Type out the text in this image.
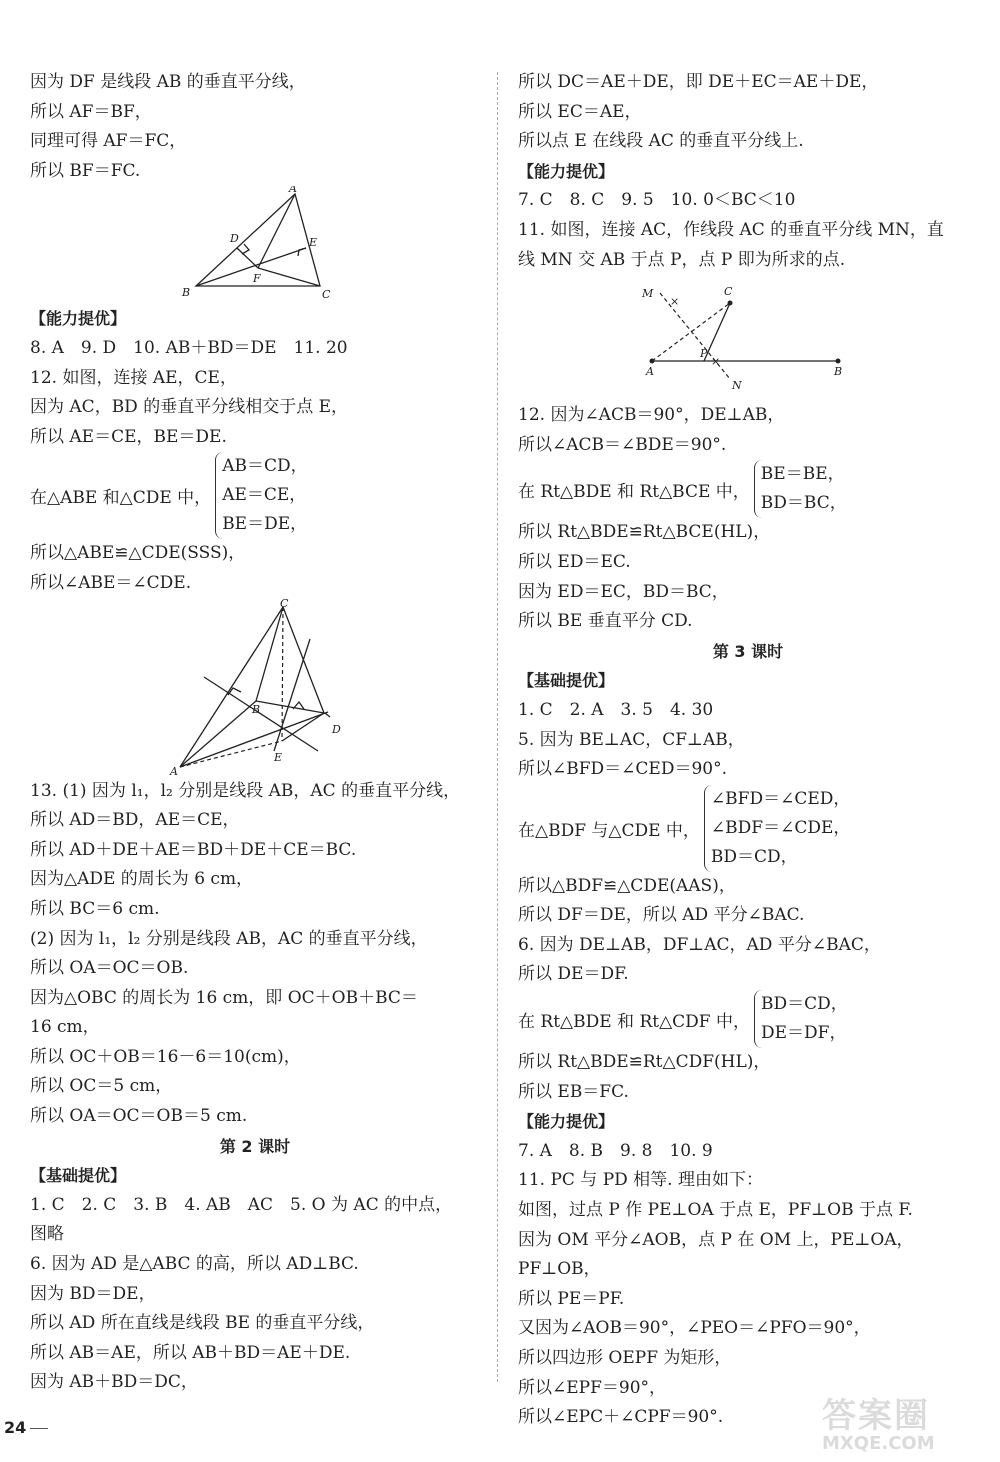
因为 DF 是线段 AB 的垂直平分线，
所以 AF＝BF，
同理可得 AF＝FC，
所以 BF＝FC.
A
B	C
D	E
F
【能力提优】
8. A　9. D　10. AB＋BD＝DE　11. 20
12. 如图，连接 AE，CE，
因为 AC，BD 的垂直平分线相交于点 E，
所以 AE＝CE，BE＝DE.
在△ABE 和△CDE 中，
AB＝CD，
AE＝CE，
BE＝DE，
所以△ABE≌△CDE(SSS)，
所以∠ABE＝∠CDE.
C
A
B
D
E
13. (1) 因为 l₁，l₂ 分别是线段 AB，AC 的垂直平分线，
所以 AD＝BD，AE＝CE，
所以 AD＋DE＋AE＝BD＋DE＋CE＝BC.
因为△ADE 的周长为 6 cm，
所以 BC＝6 cm.
(2) 因为 l₁，l₂ 分别是线段 AB，AC 的垂直平分线，
所以 OA＝OC＝OB.
因为△OBC 的周长为 16 cm，即 OC＋OB＋BC＝
16 cm，
所以 OC＋OB＝16－6＝10(cm)，
所以 OC＝5 cm，
所以 OA＝OC＝OB＝5 cm.
第 2 课时
【基础提优】
1. C　2. C　3. B　4. AB　AC　5. O 为 AC 的中点，
图略
6. 因为 AD 是△ABC 的高，所以 AD⊥BC.
因为 BD＝DE，
所以 AD 所在直线是线段 BE 的垂直平分线，
所以 AB＝AE，所以 AB＋BD＝AE＋DE.
因为 AB＋BD＝DC，
所以 DC＝AE＋DE，即 DE＋EC＝AE＋DE，
所以 EC＝AE，
所以点 E 在线段 AC 的垂直平分线上.
【能力提优】
7. C　8. C　9. 5　10. 0＜BC＜10
11. 如图，连接 AC，作线段 AC 的垂直平分线 MN，直
线 MN 交 AB 于点 P，点 P 即为所求的点.
×
×
M	C
A
P
N
B
12. 因为∠ACB＝90°，DE⊥AB，
所以∠ACB＝∠BDE＝90°.
在 Rt△BDE 和 Rt△BCE 中，
BE＝BE，
BD＝BC，
所以 Rt△BDE≌Rt△BCE(HL)，
所以 ED＝EC.
因为 ED＝EC，BD＝BC，
所以 BE 垂直平分 CD.
第 3 课时
【基础提优】
1. C　2. A　3. 5　4. 30
5. 因为 BE⊥AC，CF⊥AB，
所以∠BFD＝∠CED＝90°.
在△BDF 与△CDE 中，
∠BFD＝∠CED，
∠BDF＝∠CDE，
BD＝CD，
所以△BDF≌△CDE(AAS)，
所以 DF＝DE，所以 AD 平分∠BAC.
6. 因为 DE⊥AB，DF⊥AC，AD 平分∠BAC，
所以 DE＝DF.
在 Rt△BDE 和 Rt△CDF 中，
BD＝CD，
DE＝DF，
所以 Rt△BDE≌Rt△CDF(HL)，
所以 EB＝FC.
【能力提优】
7. A　8. B　9. 8　10. 9
11. PC 与 PD 相等. 理由如下：
如图，过点 P 作 PE⊥OA 于点 E，PF⊥OB 于点 F.
因为 OM 平分∠AOB，点 P 在 OM 上，PE⊥OA，
PF⊥OB，
所以 PE＝PF.
又因为∠AOB＝90°，∠PEO＝∠PFO＝90°，
所以四边形 OEPF 为矩形，
所以∠EPF＝90°，
所以∠EPC＋∠CPF＝90°.
24	答案圈
MXQE.COM
